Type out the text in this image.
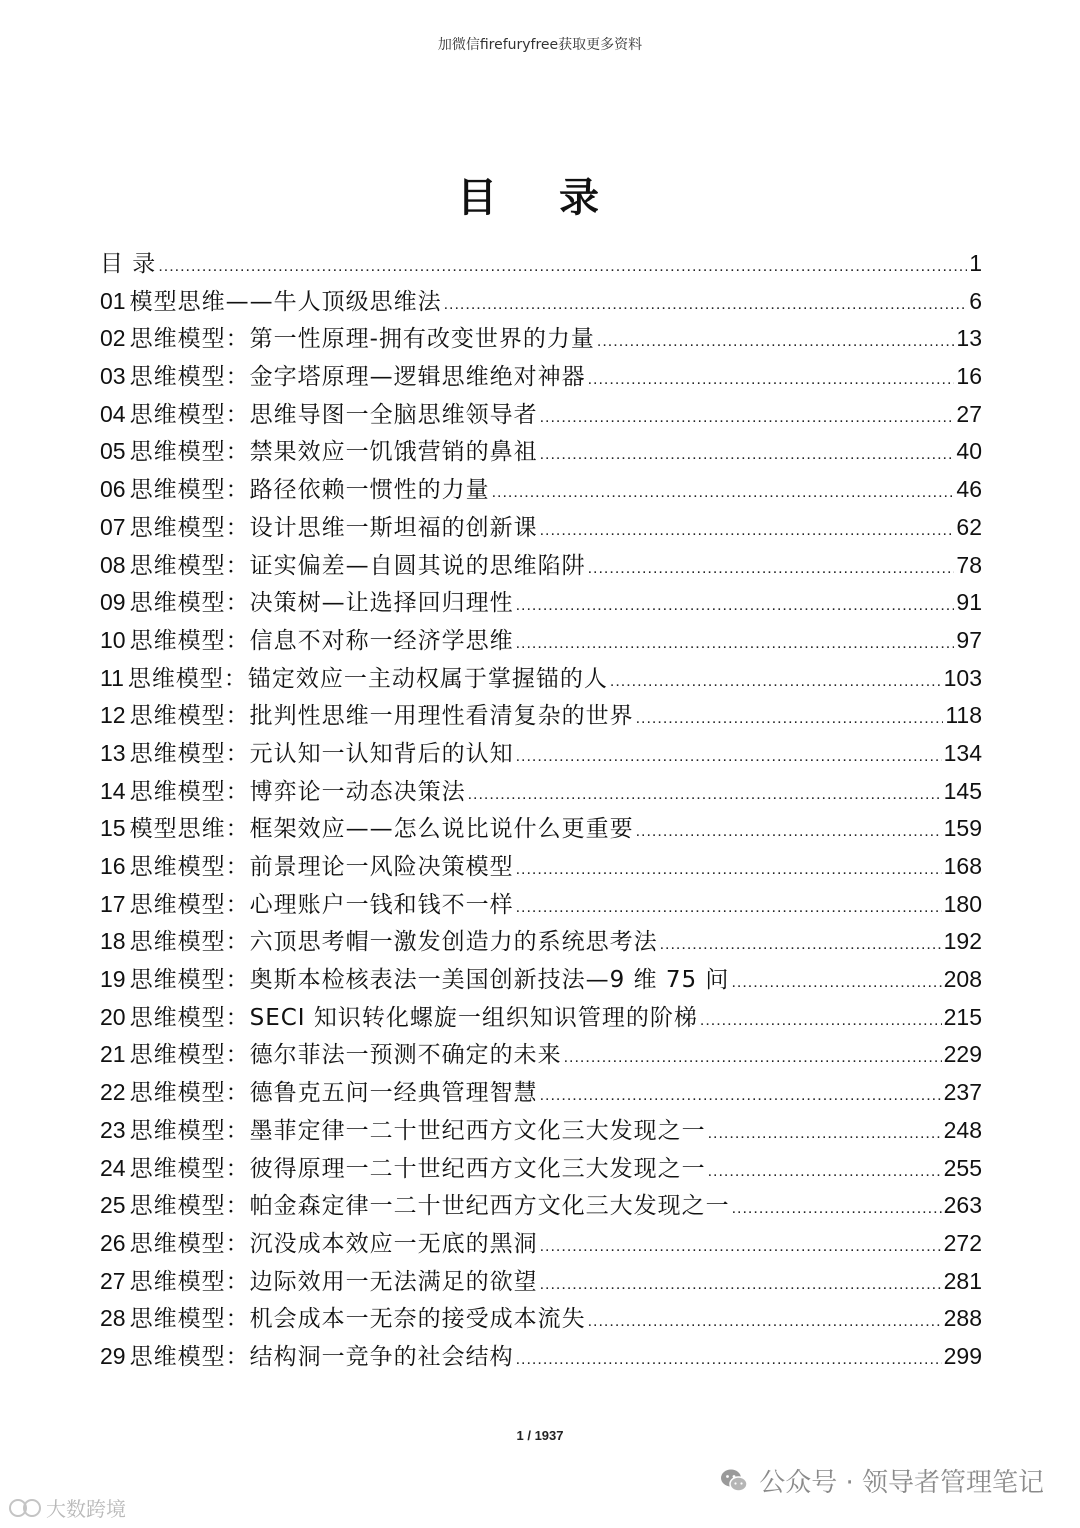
加微信firefuryfree获取更多资料
目 录
目 录 .....	1
01 模型思维——牛人顶级思维法 .....	6
02 思维模型：第一性原理-拥有改变世界的力量 .....	13
03 思维模型：金字塔原理—逻辑思维绝对神器 .....	16
04 思维模型：思维导图一全脑思维领导者 .....	27
05 思维模型：禁果效应一饥饿营销的鼻祖 .....	40
06 思维模型：路径依赖一惯性的力量 .....	46
07 思维模型：设计思维一斯坦福的创新课 .....	62
08 思维模型：证实偏差—自圆其说的思维陷阱 .....	78
09 思维模型：决策树—让选择回归理性 .....	91
10 思维模型：信息不对称一经济学思维 .....	97
11 思维模型：锚定效应一主动权属于掌握锚的人 .....	103
12 思维模型：批判性思维一用理性看清复杂的世界 .....	118
13 思维模型：元认知一认知背后的认知 .....	134
14 思维模型：博弈论一动态决策法 .....	145
15 模型思维：框架效应——怎么说比说什么更重要 .....	159
16 思维模型：前景理论一风险决策模型 .....	168
17 思维模型：心理账户一钱和钱不一样 .....	180
18 思维模型：六顶思考帽一激发创造力的系统思考法 .....	192
19 思维模型：奥斯本检核表法一美国创新技法—9 维 75 问 .....	208
20 思维模型：SECI 知识转化螺旋一组织知识管理的阶梯 .....	215
21 思维模型：德尔菲法一预测不确定的未来 .....	229
22 思维模型：德鲁克五问一经典管理智慧 .....	237
23 思维模型：墨菲定律一二十世纪西方文化三大发现之一 .....	248
24 思维模型：彼得原理一二十世纪西方文化三大发现之一 .....	255
25 思维模型：帕金森定律一二十世纪西方文化三大发现之一 .....	263
26 思维模型：沉没成本效应一无底的黑洞 .....	272
27 思维模型：边际效用一无法满足的欲望 .....	281
28 思维模型：机会成本一无奈的接受成本流失 .....	288
29 思维模型：结构洞一竞争的社会结构 .....	299
1 / 1937
公众号 · 领导者管理笔记
大数跨境
